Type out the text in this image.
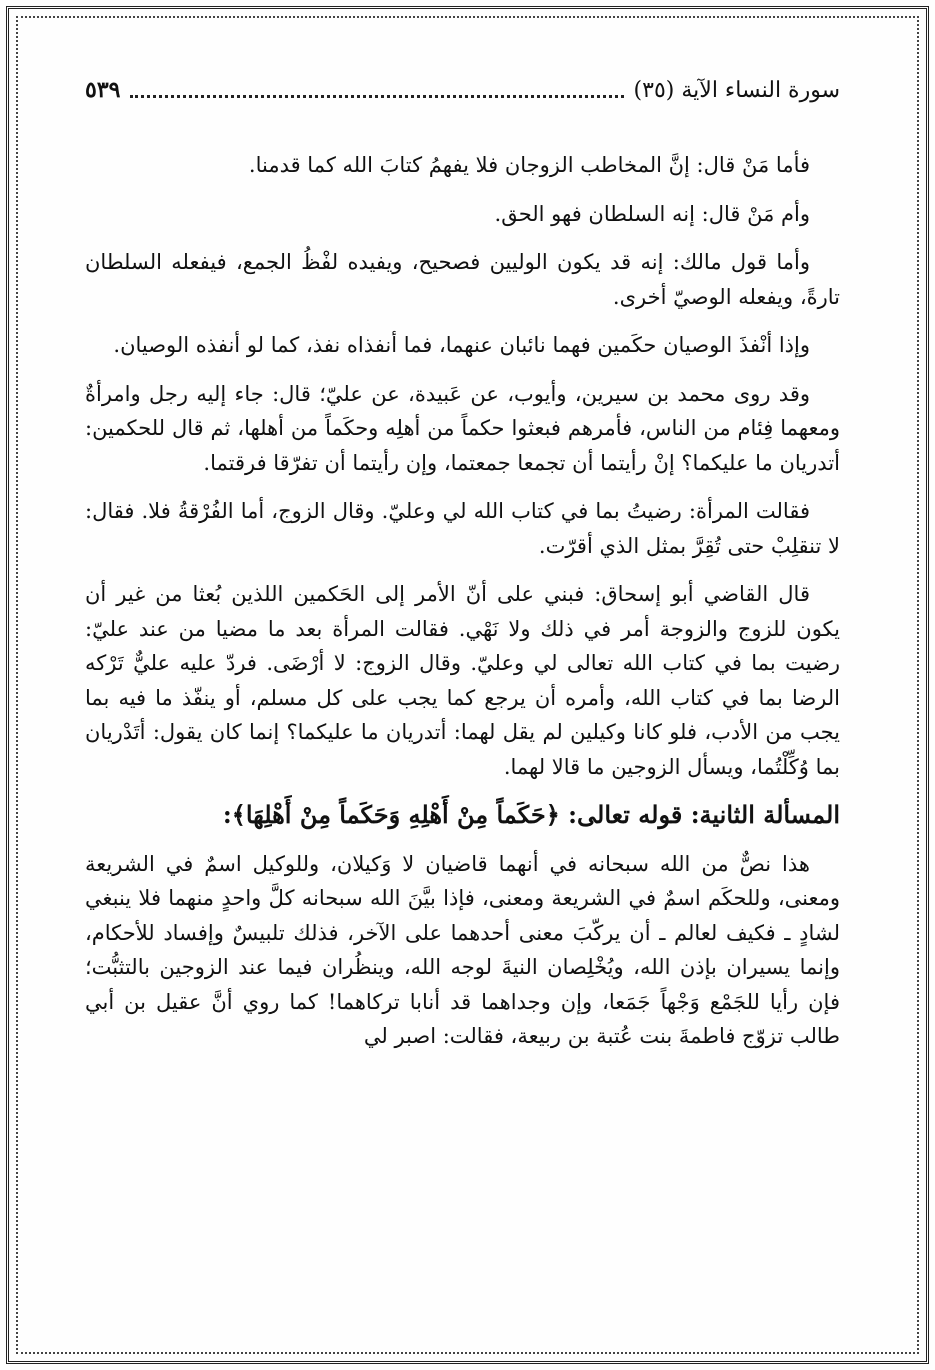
سورة النساء الآية (٣٥)
٥٣٩

فأما مَنْ قال: إنَّ المخاطب الزوجان فلا يفهمُ كتابَ الله كما قدمنا.

وأم مَنْ قال: إنه السلطان فهو الحق.

وأما قول مالك: إنه قد يكون الوليين فصحيح، ويفيده لفْظُ الجمع، فيفعله السلطان تارةً، ويفعله الوصيّ أخرى.

وإذا أنْفذَ الوصيان حكَمين فهما نائبان عنهما، فما أنفذاه نفذ، كما لو أنفذه الوصيان.

وقد روى محمد بن سيرين، وأيوب، عن عَبيدة، عن عليّ؛ قال: جاء إليه رجل وامرأةٌ ومعهما فِئام من الناس، فأمرهم فبعثوا حكماً من أهلِه وحكَماً من أهلها، ثم قال للحكمين: أتدريان ما عليكما؟ إنْ رأيتما أن تجمعا جمعتما، وإن رأيتما أن تفرّقا فرقتما.

فقالت المرأة: رضيتُ بما في كتاب الله لي وعليّ. وقال الزوج، أما الفُرْقةُ فلا. فقال: لا تنقلِبْ حتى تُقِرَّ بمثل الذي أقرّت.

قال القاضي أبو إسحاق: فبني على أنّ الأمر إلى الحَكمين اللذين بُعثا من غير أن يكون للزوج والزوجة أمر في ذلك ولا نَهْي. فقالت المرأة بعد ما مضيا من عند عليّ: رضيت بما في كتاب الله تعالى لي وعليّ. وقال الزوج: لا أرْضَى. فردّ عليه عليٌّ تَرْكه الرضا بما في كتاب الله، وأمره أن يرجع كما يجب على كل مسلم، أو ينفّذ ما فيه بما يجب من الأدب، فلو كانا وكيلين لم يقل لهما: أتدريان ما عليكما؟ إنما كان يقول: أتَدْريان بما وُكِّلْتُما، ويسأل الزوجين ما قالا لهما.

المسألة الثانية: قوله تعالى: ﴿حَكَماً مِنْ أَهْلِهِ وَحَكَماً مِنْ أَهْلِهَا﴾:

هذا نصٌّ من الله سبحانه في أنهما قاضيان لا وَكيلان، وللوكيل اسمٌ في الشريعة ومعنى، وللحكَم اسمٌ في الشريعة ومعنى، فإذا بيَّنَ الله سبحانه كلَّ واحدٍ منهما فلا ينبغي لشادٍ ـ فكيف لعالم ـ أن يركّبَ معنى أحدهما على الآخر، فذلك تلبيسٌ وإفساد للأحكام، وإنما يسيران بإذن الله، ويُخْلِصان النيةَ لوجه الله، وينظُران فيما عند الزوجين بالتثبُّت؛ فإن رأيا للجَمْع وَجْهاً جَمَعا، وإن وجداهما قد أنابا تركاهما! كما روي أنَّ عقيل بن أبي طالب تزوّج فاطمةَ بنت عُتبة بن ربيعة، فقالت: اصبر لي
